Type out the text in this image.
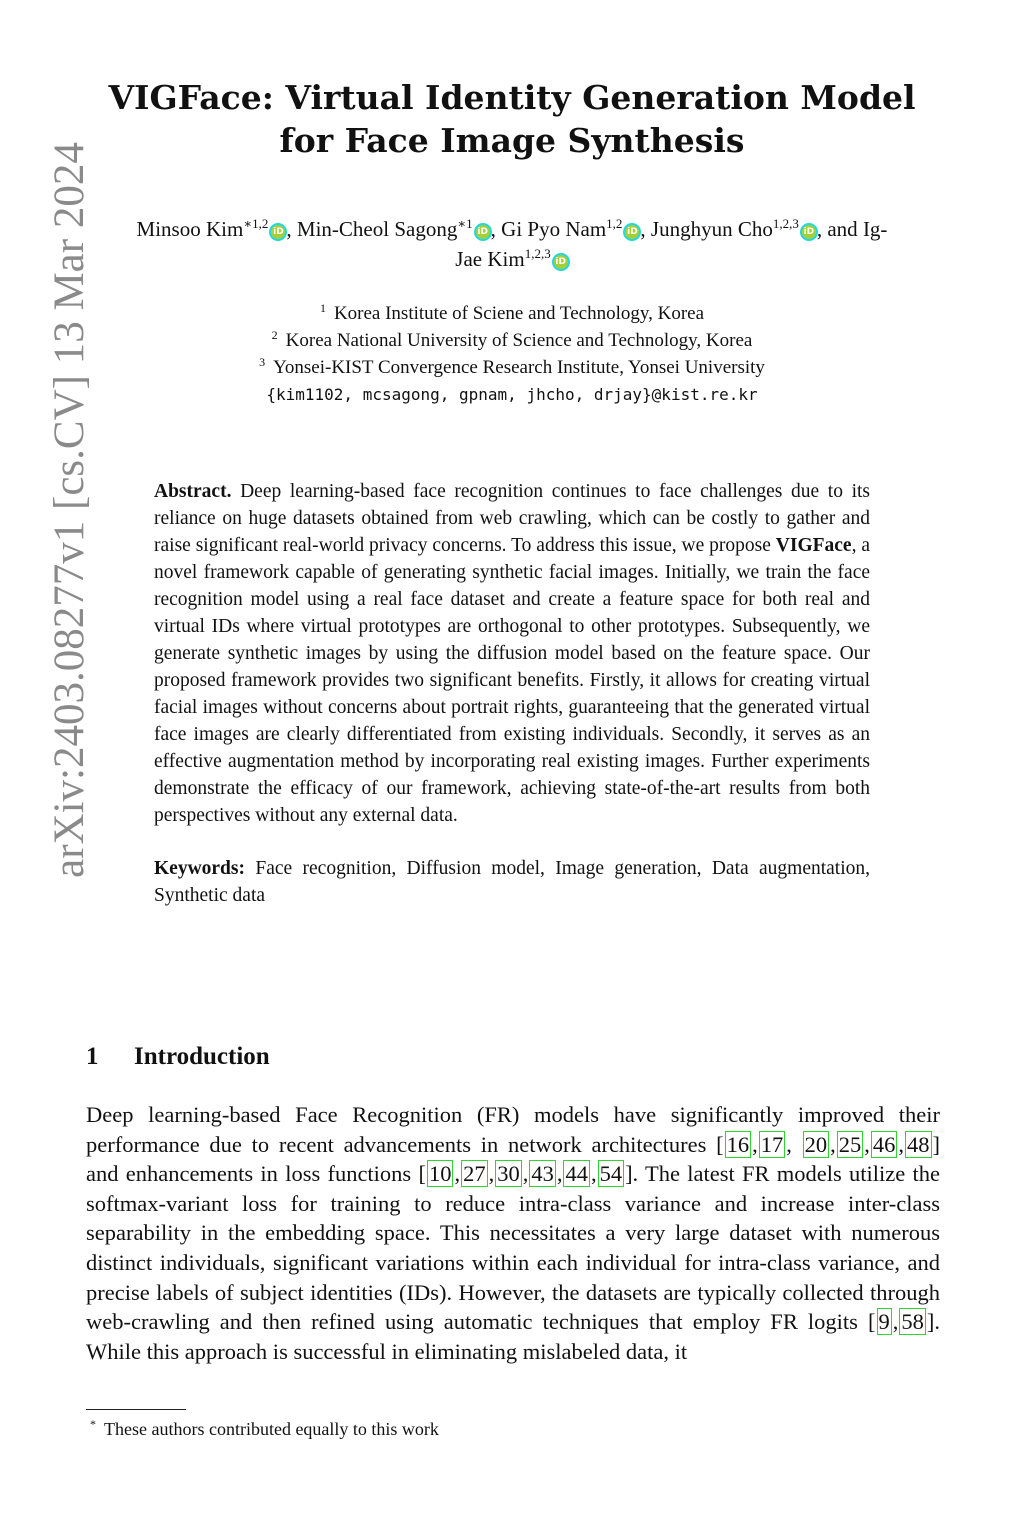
arXiv:2403.08277v1 [cs.CV] 13 Mar 2024
VIGFace: Virtual Identity Generation Model for Face Image Synthesis
Minsoo Kim$^{∗1,2}$iD , Min-Cheol Sagong$^{∗1}$iD , Gi Pyo Nam$^{1,2}$iD , Junghyun Cho$^{1,2,3}$iD , and Ig-Jae Kim$^{1,2,3}$iD
$^1$ Korea Institute of Sciene and Technology, Korea
$^2$ Korea National University of Science and Technology, Korea
$^3$ Yonsei-KIST Convergence Research Institute, Yonsei University
{kim1102, mcsagong, gpnam, jhcho, drjay}@kist.re.kr

Abstract. Deep learning-based face recognition continues to face challenges due to its reliance on huge datasets obtained from web crawling, which can be costly to gather and raise significant real-world privacy concerns. To address this issue, we propose VIGFace, a novel framework capable of generating synthetic facial images. Initially, we train the face recognition model using a real face dataset and create a feature space for both real and virtual IDs where virtual prototypes are orthogonal to other prototypes. Subsequently, we generate synthetic images by using the diffusion model based on the feature space. Our proposed framework provides two significant benefits. Firstly, it allows for creating virtual facial images without concerns about portrait rights, guaranteeing that the generated virtual face images are clearly differentiated from existing individuals. Secondly, it serves as an effective augmentation method by incorporating real existing images. Further experiments demonstrate the efficacy of our framework, achieving state-of-the-art results from both perspectives without any external data.

Keywords: Face recognition, Diffusion model, Image generation, Data augmentation, Synthetic data

1 Introduction

Deep learning-based Face Recognition (FR) models have significantly improved their performance due to recent advancements in network architectures [ 16 , 17 , 20 , 25 , 46 , 48 ] and enhancements in loss functions [ 10 , 27 , 30 , 43 , 44 , 54 ]. The latest FR models utilize the softmax-variant loss for training to reduce intra-class variance and increase inter-class separability in the embedding space. This necessitates a very large dataset with numerous distinct individuals, significant variations within each individual for intra-class variance, and precise labels of subject identities (IDs). However, the datasets are typically collected through web-crawling and then refined using automatic techniques that employ FR logits [ 9 , 58 ]. While this approach is successful in eliminating mislabeled data, it

* These authors contributed equally to this work
